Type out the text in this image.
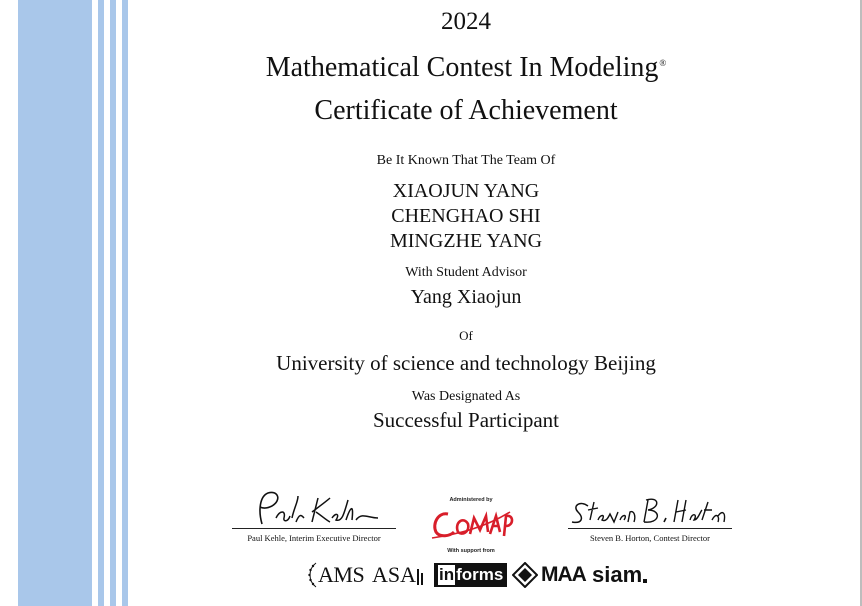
2024
Mathematical Contest In Modeling®
Certificate of Achievement
Be It Known That The Team Of
XIAOJUN YANG
CHENGHAO SHI
MINGZHE YANG
With Student Advisor
Yang Xiaojun
Of
University of science and technology Beijing
Was Designated As
Successful Participant
Paul Kehle, Interim Executive Director
Administered by
With support from
Steven B. Horton, Contest Director
AMS ASA in forms MAA siam
